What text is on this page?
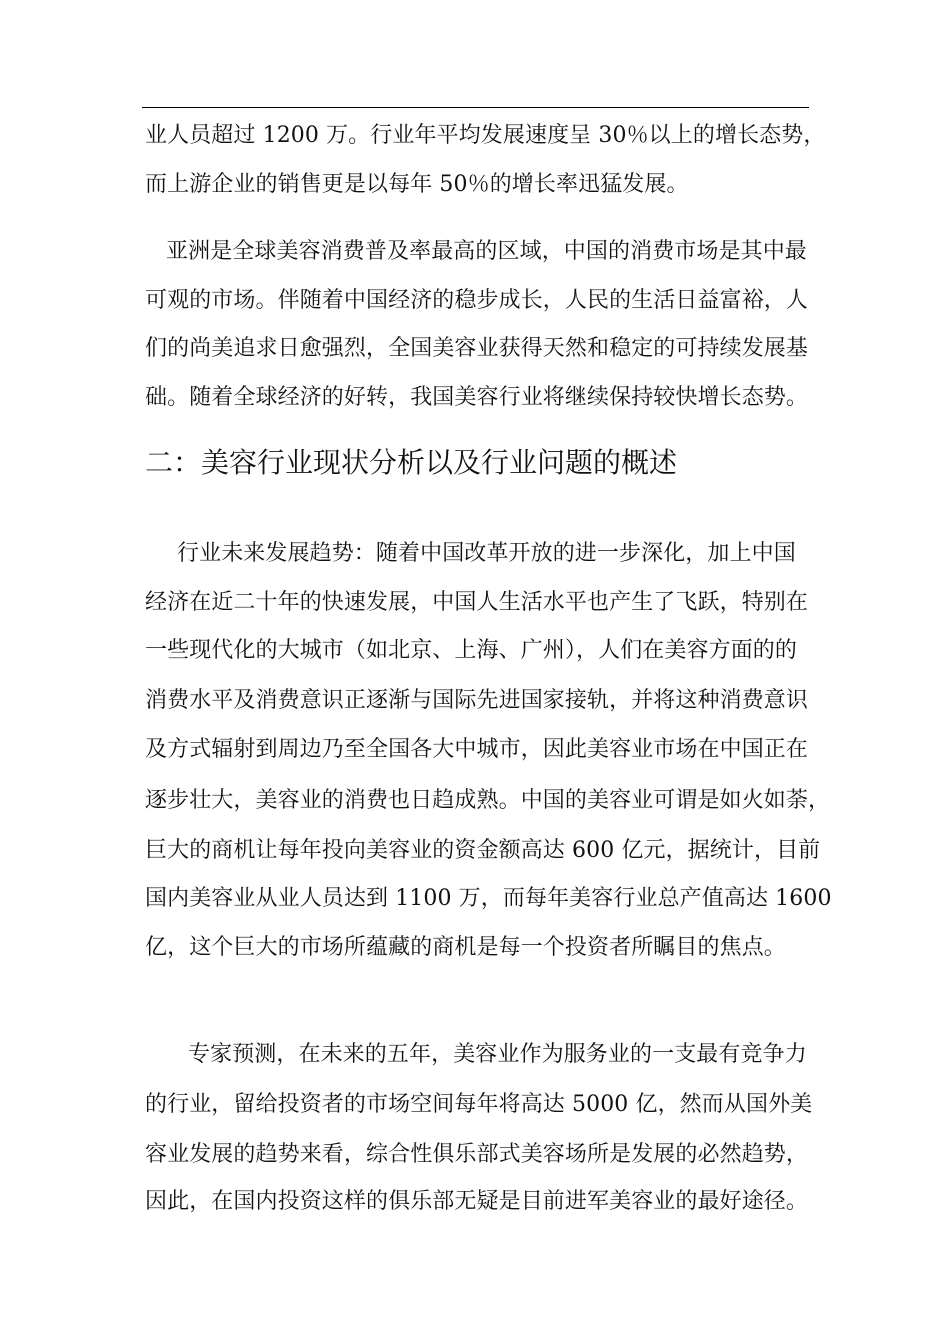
业人员超过 1200 万。行业年平均发展速度呈 30％以上的增长态势，
而上游企业的销售更是以每年 50％的增长率迅猛发展。
亚洲是全球美容消费普及率最高的区域，中国的消费市场是其中最
可观的市场。伴随着中国经济的稳步成长，人民的生活日益富裕，人
们的尚美追求日愈强烈，全国美容业获得天然和稳定的可持续发展基
础。随着全球经济的好转，我国美容行业将继续保持较快增长态势。
二：美容行业现状分析以及行业问题的概述
行业未来发展趋势：随着中国改革开放的进一步深化，加上中国
经济在近二十年的快速发展，中国人生活水平也产生了飞跃，特别在
一些现代化的大城市（如北京、上海、广州），人们在美容方面的的
消费水平及消费意识正逐渐与国际先进国家接轨，并将这种消费意识
及方式辐射到周边乃至全国各大中城市，因此美容业市场在中国正在
逐步壮大，美容业的消费也日趋成熟。中国的美容业可谓是如火如荼，
巨大的商机让每年投向美容业的资金额高达 600 亿元，据统计，目前
国内美容业从业人员达到 1100 万，而每年美容行业总产值高达 1600
亿，这个巨大的市场所蕴藏的商机是每一个投资者所瞩目的焦点。
专家预测，在未来的五年，美容业作为服务业的一支最有竞争力
的行业，留给投资者的市场空间每年将高达 5000 亿，然而从国外美
容业发展的趋势来看，综合性俱乐部式美容场所是发展的必然趋势，
因此，在国内投资这样的俱乐部无疑是目前进军美容业的最好途径。
